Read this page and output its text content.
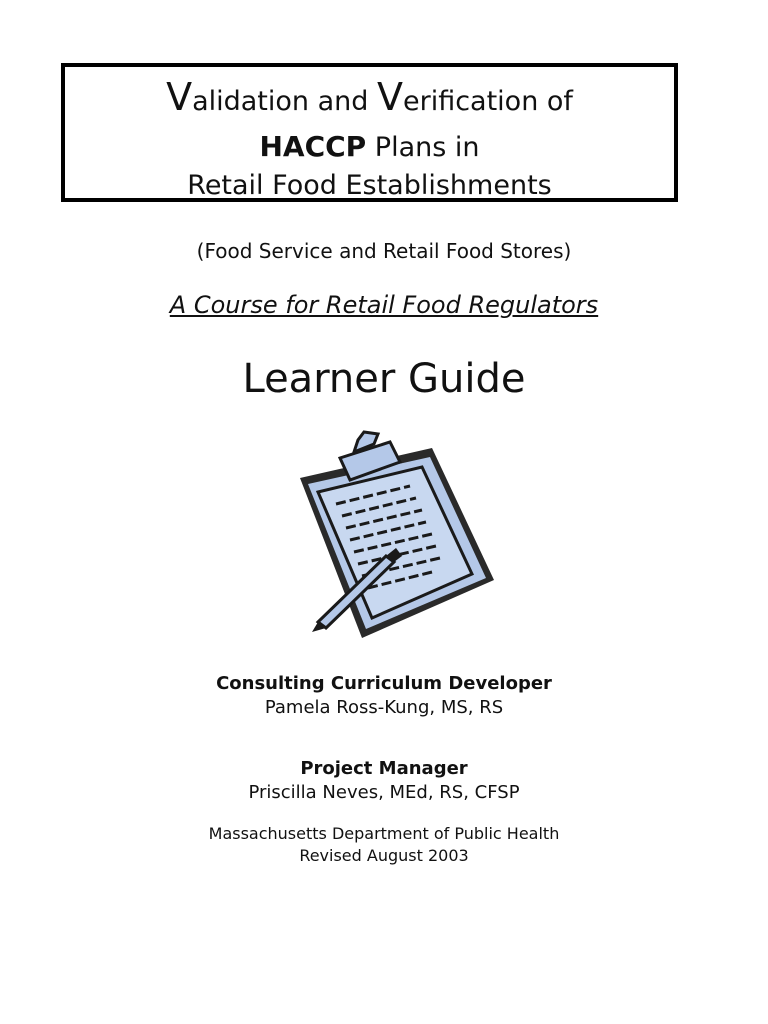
Validation and Verification of
HACCP Plans in
Retail Food Establishments
(Food Service and Retail Food Stores)
A Course for Retail Food Regulators
Learner Guide
Consulting Curriculum Developer
Pamela Ross-Kung, MS, RS
Project Manager
Priscilla Neves, MEd, RS, CFSP
Massachusetts Department of Public Health
Revised August 2003
